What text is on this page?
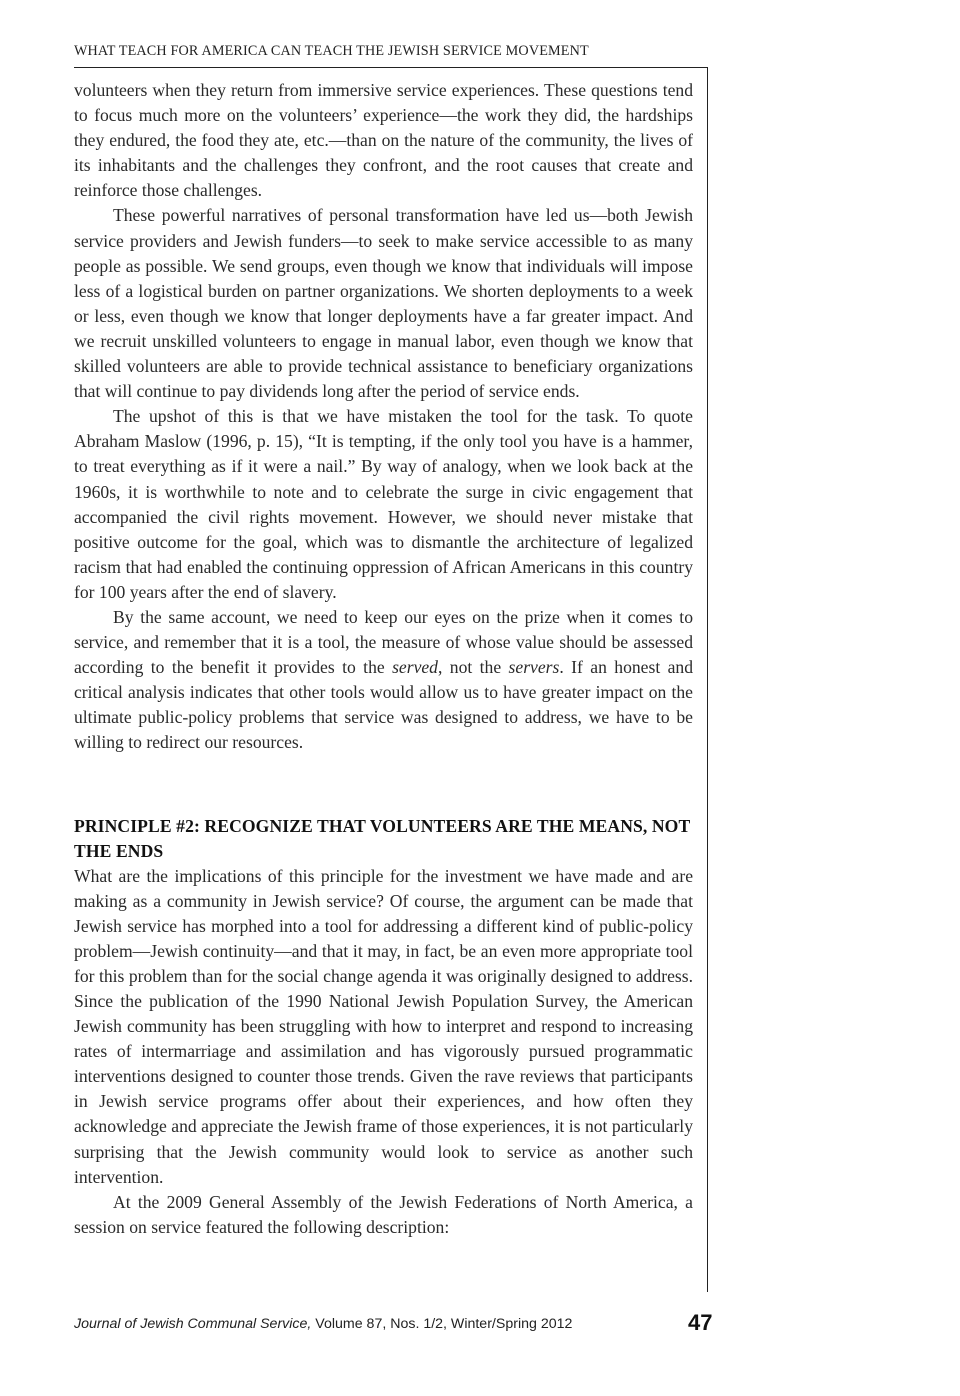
WHAT TEACH FOR AMERICA CAN TEACH THE JEWISH SERVICE MOVEMENT

volunteers when they return from immersive service experiences. These questions tend to focus much more on the volunteers’ experience—the work they did, the hardships they endured, the food they ate, etc.—than on the nature of the community, the lives of its inhabitants and the challenges they confront, and the root causes that create and reinforce those challenges.

These powerful narratives of personal transformation have led us—both Jewish service providers and Jewish funders—to seek to make service accessible to as many people as possible. We send groups, even though we know that individuals will impose less of a logistical burden on partner organizations. We shorten deployments to a week or less, even though we know that longer deployments have a far greater impact. And we recruit unskilled volunteers to engage in manual labor, even though we know that skilled volunteers are able to provide technical assistance to beneficiary organizations that will continue to pay dividends long after the period of service ends.

The upshot of this is that we have mistaken the tool for the task. To quote Abraham Maslow (1996, p. 15), “It is tempting, if the only tool you have is a hammer, to treat everything as if it were a nail.” By way of analogy, when we look back at the 1960s, it is worthwhile to note and to celebrate the surge in civic engagement that accompanied the civil rights movement. However, we should never mistake that positive outcome for the goal, which was to dismantle the architecture of legalized racism that had enabled the continuing oppression of African Americans in this country for 100 years after the end of slavery.

By the same account, we need to keep our eyes on the prize when it comes to service, and remember that it is a tool, the measure of whose value should be assessed according to the benefit it provides to the served, not the servers. If an honest and critical analysis indicates that other tools would allow us to have greater impact on the ultimate public-policy problems that service was designed to address, we have to be willing to redirect our resources.

PRINCIPLE #2: RECOGNIZE THAT VOLUNTEERS ARE THE MEANS, NOT THE ENDS

What are the implications of this principle for the investment we have made and are making as a community in Jewish service? Of course, the argument can be made that Jewish service has morphed into a tool for addressing a different kind of public-policy problem—Jewish continuity—and that it may, in fact, be an even more appropriate tool for this problem than for the social change agenda it was originally designed to address. Since the publication of the 1990 National Jewish Population Survey, the American Jewish community has been struggling with how to interpret and respond to increasing rates of intermarriage and assimilation and has vigorously pursued programmatic interventions designed to counter those trends. Given the rave reviews that participants in Jewish service programs offer about their experiences, and how often they acknowledge and appreciate the Jewish frame of those experiences, it is not particularly surprising that the Jewish community would look to service as another such intervention.

At the 2009 General Assembly of the Jewish Federations of North America, a session on service featured the following description:

Journal of Jewish Communal Service, Volume 87, Nos. 1/2, Winter/Spring 2012	47
